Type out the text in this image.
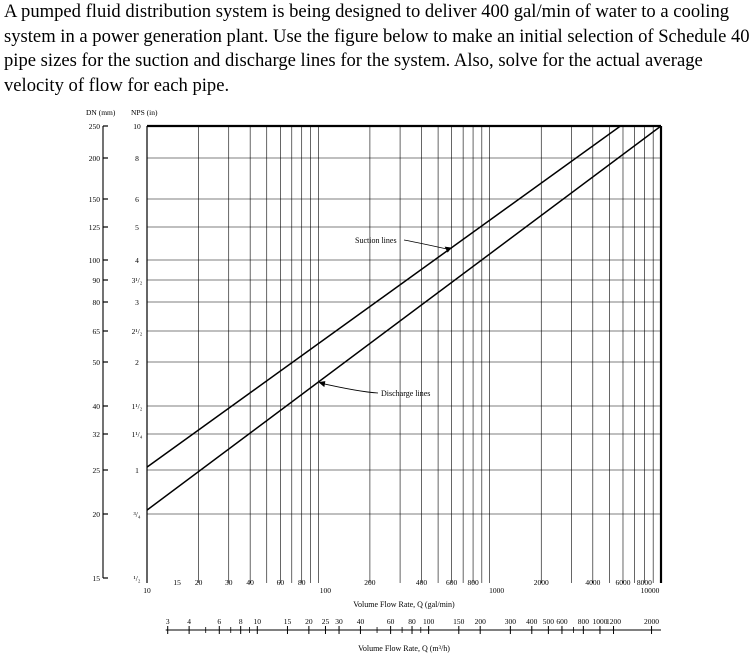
A pumped fluid distribution system is being designed to deliver 400 gal/min of water to a cooling system in a power generation plant. Use the figure below to make an initial selection of Schedule 40 pipe sizes for the suction and discharge lines for the system. Also, solve for the actual average velocity of flow for each pipe.

DN (mm) NPS (in)
250	10
200	8
150	6
125	5
100	4
90	3¹/₂
80	3
65	2¹/₂
50	2
40	1¹/₂
32	1¹/₄
25	1
20	³/₄
15	¹/₂
Suction lines
Discharge lines
Volume Flow Rate, Q (gal/min)
10
15 20	30 40	60 80
100
200	400	600 800
1000
2000	4000 6000 8000
10000
Volume Flow Rate, Q (m³/h)
3 4	6 8 10	15 20 25 30 40	60 80 100	150 200	300 400 500 600 800 1000
1200	2000
